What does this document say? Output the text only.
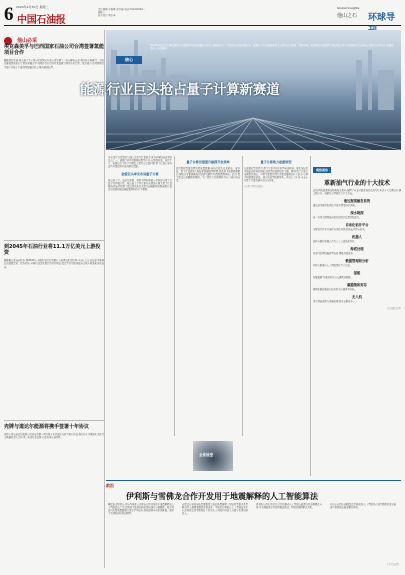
6 2024年4月30日 星期二
中国石油报
责任编辑:王静娜 刘肖楠 电话:010-62094...
邮箱:...
版式设计:刘东坤
Global Insights
他山之石 环球导
他山必采
埃克森美孚与巴西国家石油公司台湾签署氢能项目合作
据路透社报道,埃克森美孚公司与巴西国家石油公司签署了一份谅解备忘录,双方将在低碳氢、氨以及碳捕集和封存等领域开展合作,共同评估在巴西开发低碳氢项目的可行性。双方表示,将共同研究氢能产业链上下游协同发展的机会,推动能源转型。
到2045年石油行业将11.1万亿美元上游投资
据欧佩克发布的报告,到2045年,全球石油行业需要在上游领域投资约11.1万亿美元,以满足不断增长的能源需求。报告指出,全球石油需求预计将持续增长,投资不足可能导致未来供应紧张和价格波动。
壳牌与道达尔能源将携手签署十年协议
壳牌公司与道达尔能源公司宣布签署一项为期十年的液化天然气供应协议,双方将在全球液化天然气市场展开深入合作,进一步优化投资组合,提升供应链韧性。
核心
2023年底以来,全球数据量与计算需求持续快速增长,量子计算被视为下一代信息技术的重要方向。能源行业正积极探索量子计算在油气勘探、材料研发、电网调度与碳管理等领域的应用,多家能源企业与科技公司建立合作关系,加速布局这一前沿赛道。
能源行业巨头抢占量子计算新赛道
当前,量子计算凭借其强大的并行计算能力,成为全球科技竞争的焦点之一。能源行业作为数据密集型产业,在勘探开发、炼化生产、电网运行等环节中面临大量复杂计算问题,量子计算有望为这些问题提供全新的解决思路。
能源巨头率先布局量子计算
埃克森美孚、道达尔能源、壳牌等国际能源公司纷纷与量子计算企业开展合作。埃克森美孚早在数年前便加入相关量子计算网络,探索利用量子算法优化液化天然气运输路线和物流调度;道达尔能源则聚焦碳捕集材料的分子模拟。
量子计算有望提升勘探开发效率
油气勘探需要处理海量地震数据,传统计算方法耗时长、成本高。量子计算能够大幅缩短数据处理时间,提高地下储层成像精度,帮助企业更准确地识别油气藏位置,降低勘探风险。此外,量子算法在油藏数值模拟、生产优化等方面同样具有广阔应用前景。
量子计算助力能源转型
在能源转型进程中,量子计算可用于新型电池材料、催化剂以及氢能储运材料的研发,加快清洁能源技术突破。同时,量子计算在电网优化调度、可再生能源并网等方面也展现出巨大潜力,有助于构建更加高效、稳定的新型能源体系。业内人士认为,未来十年量子计算将逐步走向实用化。
(来源:中国石油报)
全景展望
观察视角
革新油气行业的十大技术
近期,国际能源咨询机构发布报告,梳理了未来可能深刻改变油气行业的十大关键技术,涵盖数字化、低碳化与智能化等多个方向。
液压振荡触发系统
通过液压脉冲提高钻井效率,降低卡钻风险。
深水勘探
新一代深水勘探装备提升超深水资源开发能力。
自动化钻井平台
实现钻井作业全流程自动化控制,提高安全性与效率。
机器人
巡检与维护机器人替代人工完成高危作业。
海底处理
将油气处理设施移至海底,降低开发成本。
数据管理和分析
利用大数据与人工智能优化生产决策。
氢能
发展低碳氢,推动炼化与交通领域脱碳。
碳捕集和封存
规模化碳捕集封存技术助力实现净零目标。
无人机
用于管道巡检与设施监测,提升运维效率。
(许文璐 编译)
前沿
伊利斯与雪佛龙合作开发用于地震解释的人工智能算法
据报道,伊利斯公司与雪佛龙公司宣布合作开发用于地震解释的人工智能算法,旨在提高地下地质结构识别的速度与准确性。双方将结合海量地震数据与深度学习技术,训练能够自动识别断层、层位等关键地质特征的模型。
该算法有望将传统需要数周完成的地震解释工作缩短至数天甚至数小时,大幅降低勘探开发成本。雪佛龙方面表示,人工智能技术正在深刻改变油气勘探的工作方式,公司将持续加大在数字化领域的投入。
伊利斯公司认为,此次合作将推动人工智能在能源行业的规模化应用,为全球能源企业提供更加高效、智能的勘探解决方案。
业内专家指出,随着算法不断成熟,人工智能将在油气勘探开发全链条中发挥越来越重要的作用。
(王亮 编译)
